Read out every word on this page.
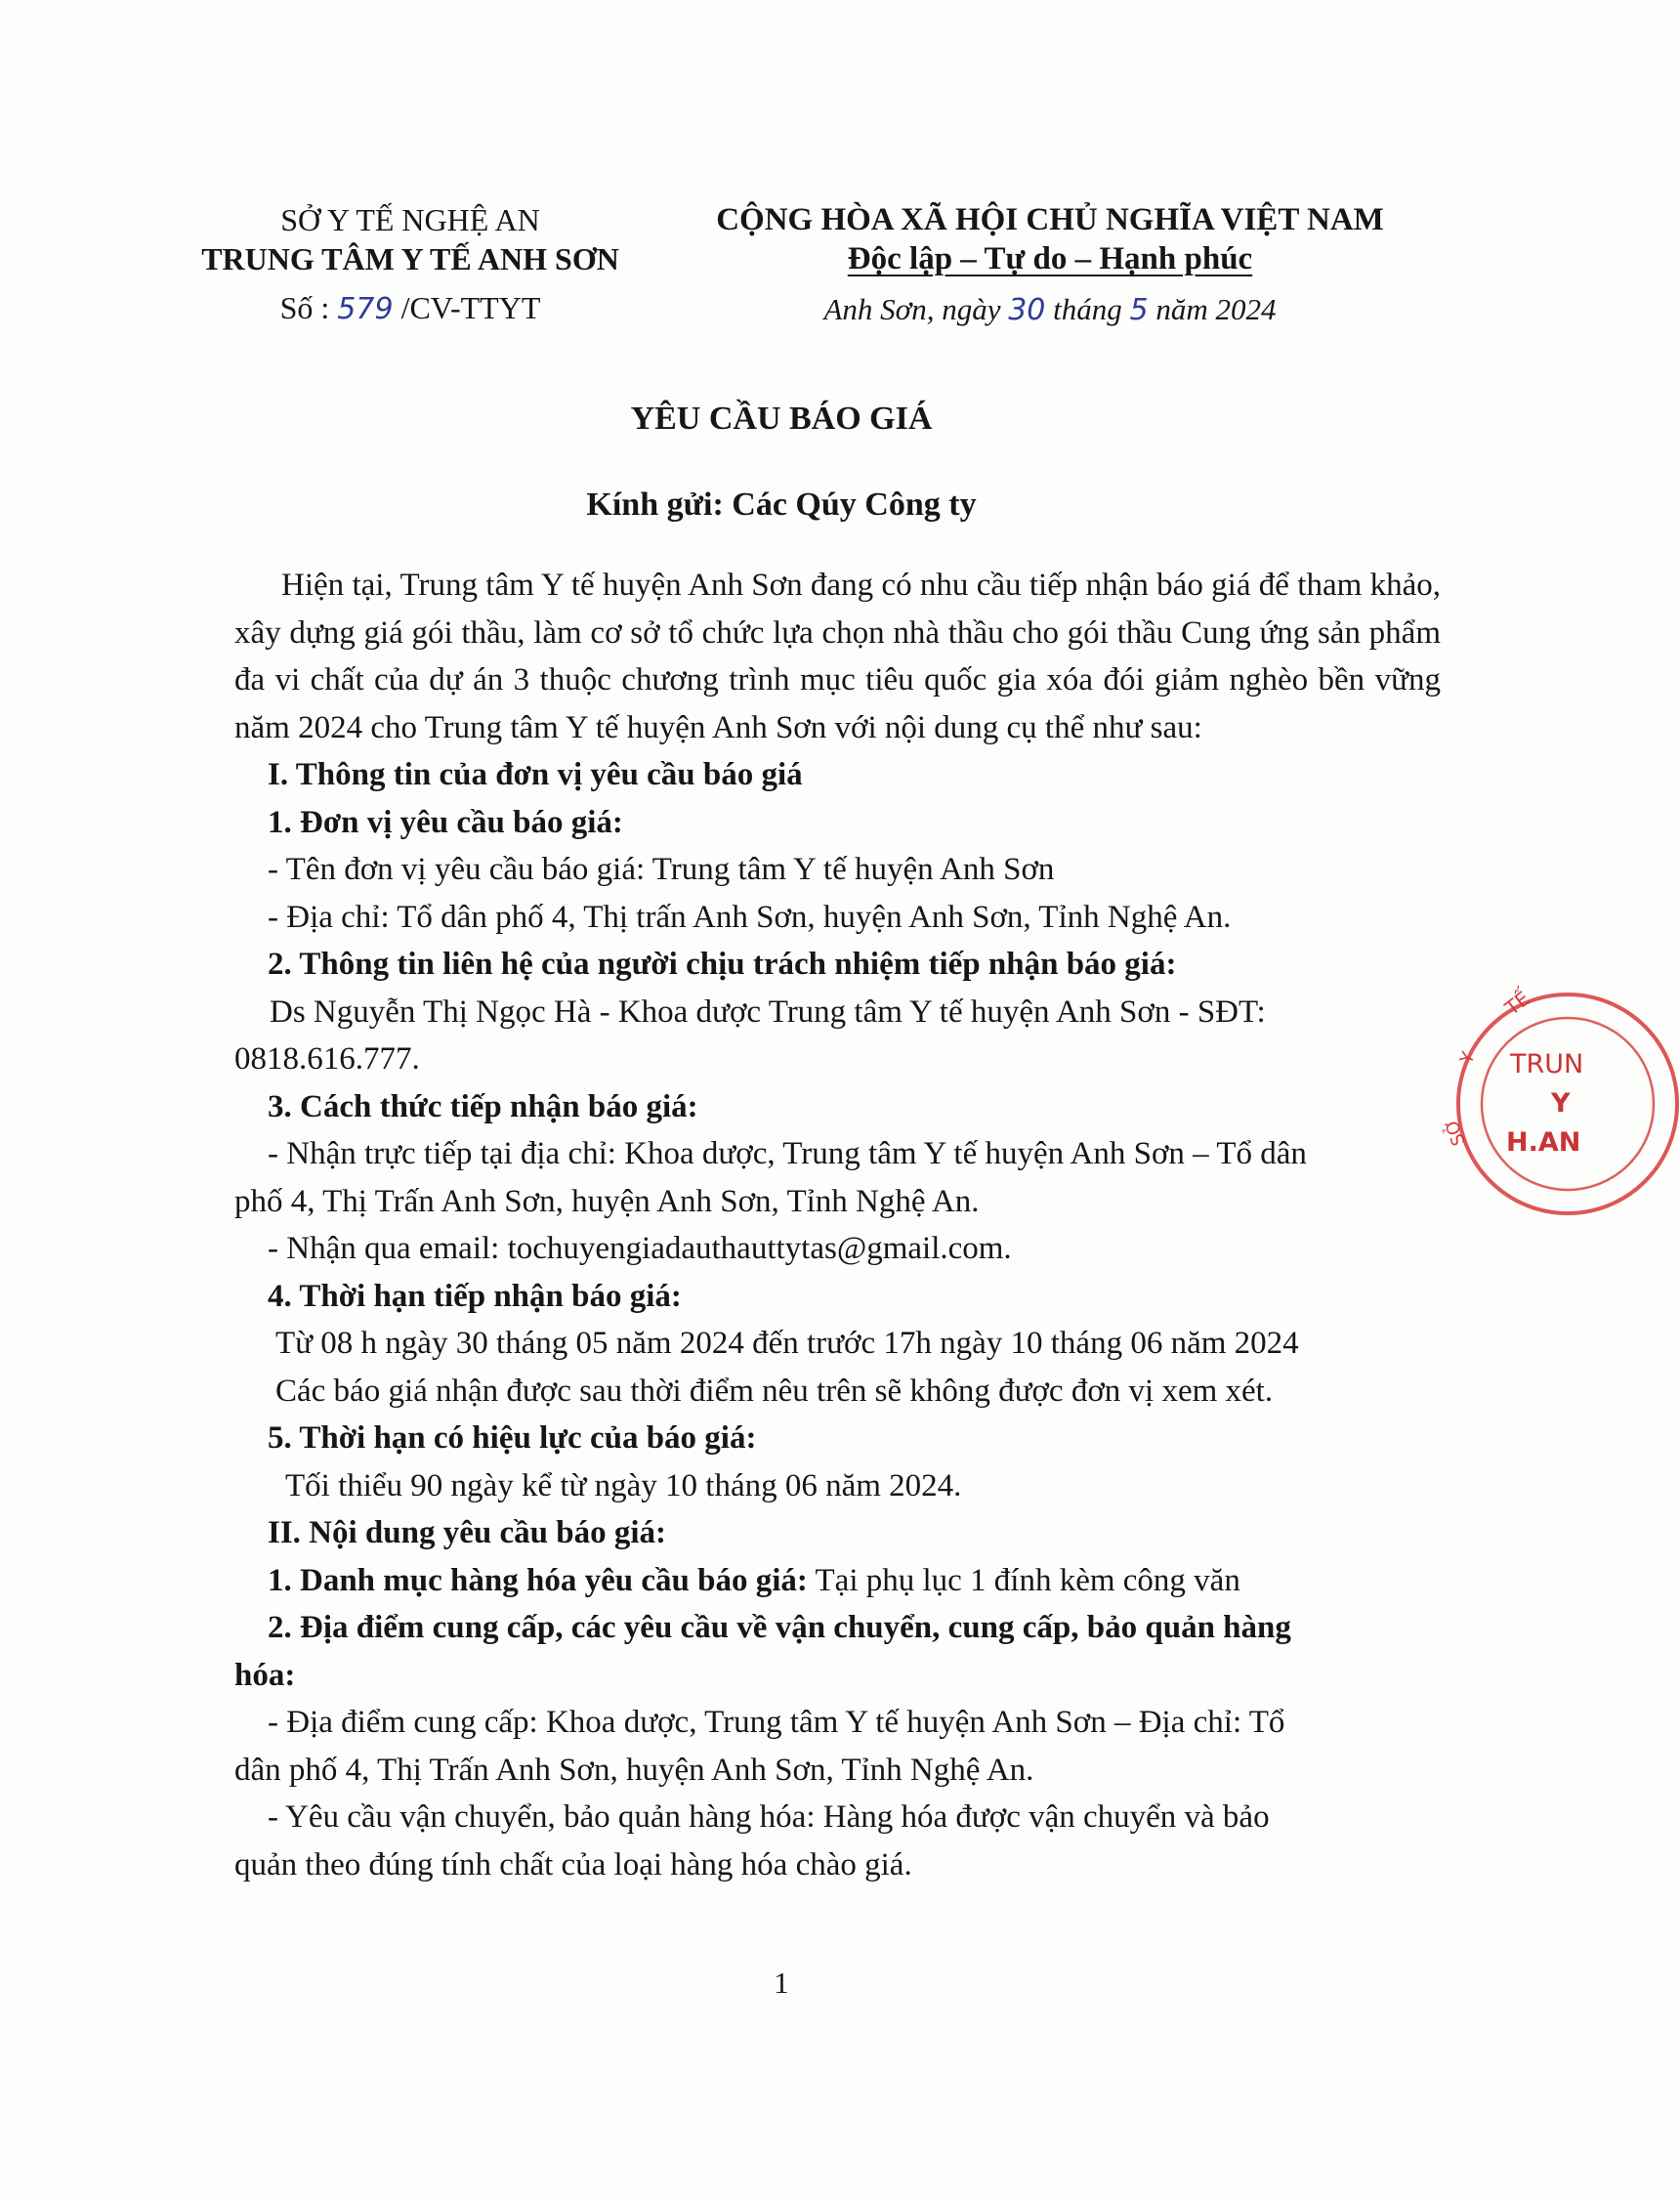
SỞ Y TẾ NGHỆ AN
TRUNG TÂM Y TẾ ANH SƠN
Số : 579 /CV-TTYT
CỘNG HÒA XÃ HỘI CHỦ NGHĨA VIỆT NAM
Độc lập – Tự do – Hạnh phúc
Anh Sơn, ngày 30 tháng 5 năm 2024
YÊU CẦU BÁO GIÁ
Kính gửi: Các Qúy Công ty

Hiện tại, Trung tâm Y tế huyện Anh Sơn đang có nhu cầu tiếp nhận báo giá để tham khảo, xây dựng giá gói thầu, làm cơ sở tổ chức lựa chọn nhà thầu cho gói thầu Cung ứng sản phẩm đa vi chất của dự án 3 thuộc chương trình mục tiêu quốc gia xóa đói giảm nghèo bền vững năm 2024 cho Trung tâm Y tế huyện Anh Sơn với nội dung cụ thể như sau:

I. Thông tin của đơn vị yêu cầu báo giá

1. Đơn vị yêu cầu báo giá:

- Tên đơn vị yêu cầu báo giá: Trung tâm Y tế huyện Anh Sơn

- Địa chỉ: Tổ dân phố 4, Thị trấn Anh Sơn, huyện Anh Sơn, Tỉnh Nghệ An.

2. Thông tin liên hệ của người chịu trách nhiệm tiếp nhận báo giá:

Ds Nguyễn Thị Ngọc Hà - Khoa dược Trung tâm Y tế huyện Anh Sơn - SĐT:

0818.616.777.

3. Cách thức tiếp nhận báo giá:

- Nhận trực tiếp tại địa chỉ: Khoa dược, Trung tâm Y tế huyện Anh Sơn – Tổ dân

phố 4, Thị Trấn Anh Sơn, huyện Anh Sơn, Tỉnh Nghệ An.

- Nhận qua email: tochuyengiadauthauttytas@gmail.com.

4. Thời hạn tiếp nhận báo giá:

Từ 08 h ngày 30 tháng 05 năm 2024 đến trước 17h ngày 10 tháng 06 năm 2024

Các báo giá nhận được sau thời điểm nêu trên sẽ không được đơn vị xem xét.

5. Thời hạn có hiệu lực của báo giá:

Tối thiểu 90 ngày kể từ ngày 10 tháng 06 năm 2024.

II. Nội dung yêu cầu báo giá:

1. Danh mục hàng hóa yêu cầu báo giá: Tại phụ lục 1 đính kèm công văn

2. Địa điểm cung cấp, các yêu cầu về vận chuyển, cung cấp, bảo quản hàng

hóa:

- Địa điểm cung cấp: Khoa dược, Trung tâm Y tế huyện Anh Sơn – Địa chỉ: Tổ

dân phố 4, Thị Trấn Anh Sơn, huyện Anh Sơn, Tỉnh Nghệ An.

- Yêu cầu vận chuyển, bảo quản hàng hóa: Hàng hóa được vận chuyển và bảo

quản theo đúng tính chất của loại hàng hóa chào giá.

1
TẾ
Y
SỞ
TRUN
Y
H.AN
